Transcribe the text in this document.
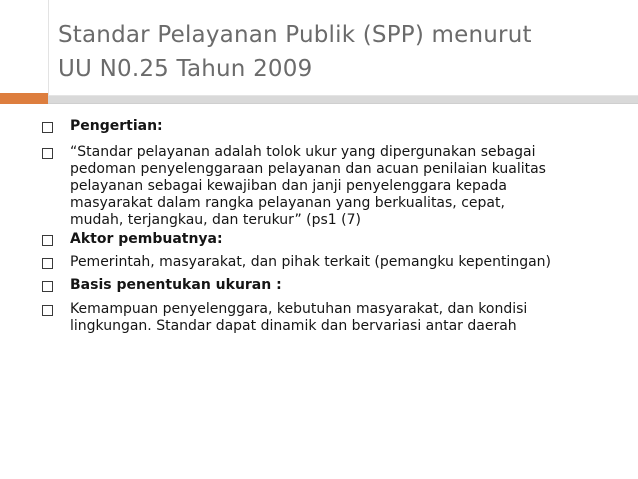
Standar Pelayanan Publik (SPP) menurut
UU N0.25 Tahun 2009
Pengertian:
“Standar pelayanan adalah tolok ukur yang dipergunakan sebagai
pedoman penyelenggaraan pelayanan dan acuan penilaian kualitas
pelayanan sebagai kewajiban dan janji penyelenggara kepada
masyarakat dalam rangka pelayanan yang berkualitas, cepat,
mudah, terjangkau, dan terukur” (ps1 (7)
Aktor pembuatnya:
Pemerintah, masyarakat, dan pihak terkait (pemangku kepentingan)
Basis penentukan ukuran :
Kemampuan penyelenggara, kebutuhan masyarakat, dan kondisi
lingkungan. Standar dapat dinamik dan bervariasi antar daerah
